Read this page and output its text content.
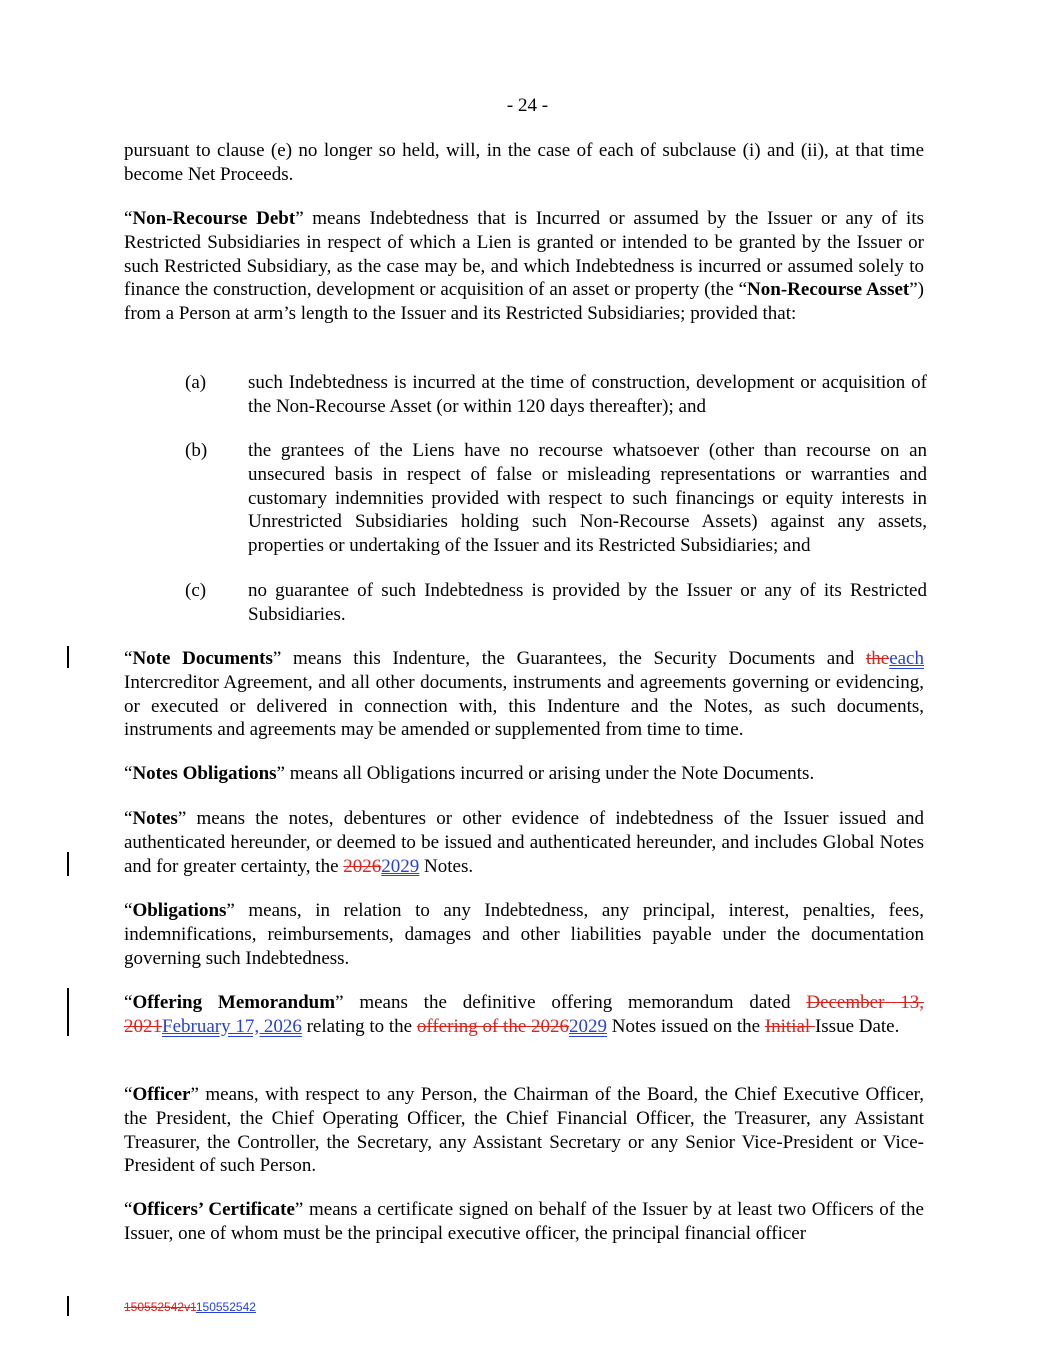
- 24 -

pursuant to clause (e) no longer so held, will, in the case of each of subclause (i) and (ii), at that time become Net Proceeds.

“Non-Recourse Debt” means Indebtedness that is Incurred or assumed by the Issuer or any of its Restricted Subsidiaries in respect of which a Lien is granted or intended to be granted by the Issuer or such Restricted Subsidiary, as the case may be, and which Indebtedness is incurred or assumed solely to finance the construction, development or acquisition of an asset or property (the “Non-Recourse Asset”) from a Person at arm’s length to the Issuer and its Restricted Subsidiaries; provided that:

(a) such Indebtedness is incurred at the time of construction, development or acquisition of the Non-Recourse Asset (or within 120 days thereafter); and
(b) the grantees of the Liens have no recourse whatsoever (other than recourse on an unsecured basis in respect of false or misleading representations or warranties and customary indemnities provided with respect to such financings or equity interests in Unrestricted Subsidiaries holding such Non-Recourse Assets) against any assets, properties or undertaking of the Issuer and its Restricted Subsidiaries; and
(c) no guarantee of such Indebtedness is provided by the Issuer or any of its Restricted Subsidiaries.

“Note Documents” means this Indenture, the Guarantees, the Security Documents and theeach Intercreditor Agreement, and all other documents, instruments and agreements governing or evidencing, or executed or delivered in connection with, this Indenture and the Notes, as such documents, instruments and agreements may be amended or supplemented from time to time.

“Notes Obligations” means all Obligations incurred or arising under the Note Documents.

“Notes” means the notes, debentures or other evidence of indebtedness of the Issuer issued and authenticated hereunder, or deemed to be issued and authenticated hereunder, and includes Global Notes and for greater certainty, the 20262029 Notes.

“Obligations” means, in relation to any Indebtedness, any principal, interest, penalties, fees, indemnifications, reimbursements, damages and other liabilities payable under the documentation governing such Indebtedness.

“Offering Memorandum” means the definitive offering memorandum dated December 13, 2021February 17, 2026 relating to the offering of the 20262029 Notes issued on the Initial Issue Date.

“Officer” means, with respect to any Person, the Chairman of the Board, the Chief Executive Officer, the President, the Chief Operating Officer, the Chief Financial Officer, the Treasurer, any Assistant Treasurer, the Controller, the Secretary, any Assistant Secretary or any Senior Vice-President or Vice-President of such Person.

“Officers’ Certificate” means a certificate signed on behalf of the Issuer by at least two Officers of the Issuer, one of whom must be the principal executive officer, the principal financial officer

150552542v1150552542
